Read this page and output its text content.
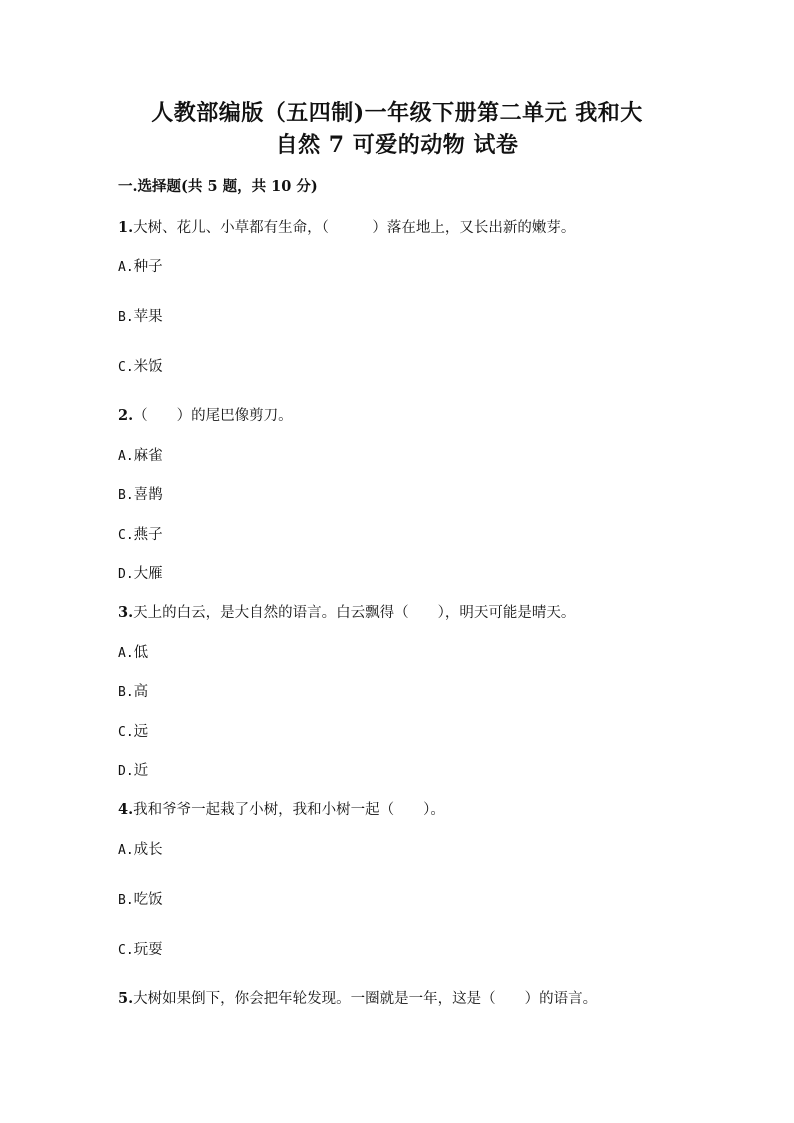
人教部编版（五四制)一年级下册第二单元 我和大
自然 7 可爱的动物 试卷
一.选择题(共 5 题，共 10 分)
1.大树、花儿、小草都有生命，（　　　）落在地上，又长出新的嫩芽。
A.种子
B.苹果
C.米饭
2.（　　）的尾巴像剪刀。
A.麻雀
B.喜鹊
C.燕子
D.大雁
3.天上的白云，是大自然的语言。白云飘得（　　），明天可能是晴天。
A.低
B.高
C.远
D.近
4.我和爷爷一起栽了小树，我和小树一起（　　）。
A.成长
B.吃饭
C.玩耍
5.大树如果倒下，你会把年轮发现。一圈就是一年，这是（　　）的语言。
